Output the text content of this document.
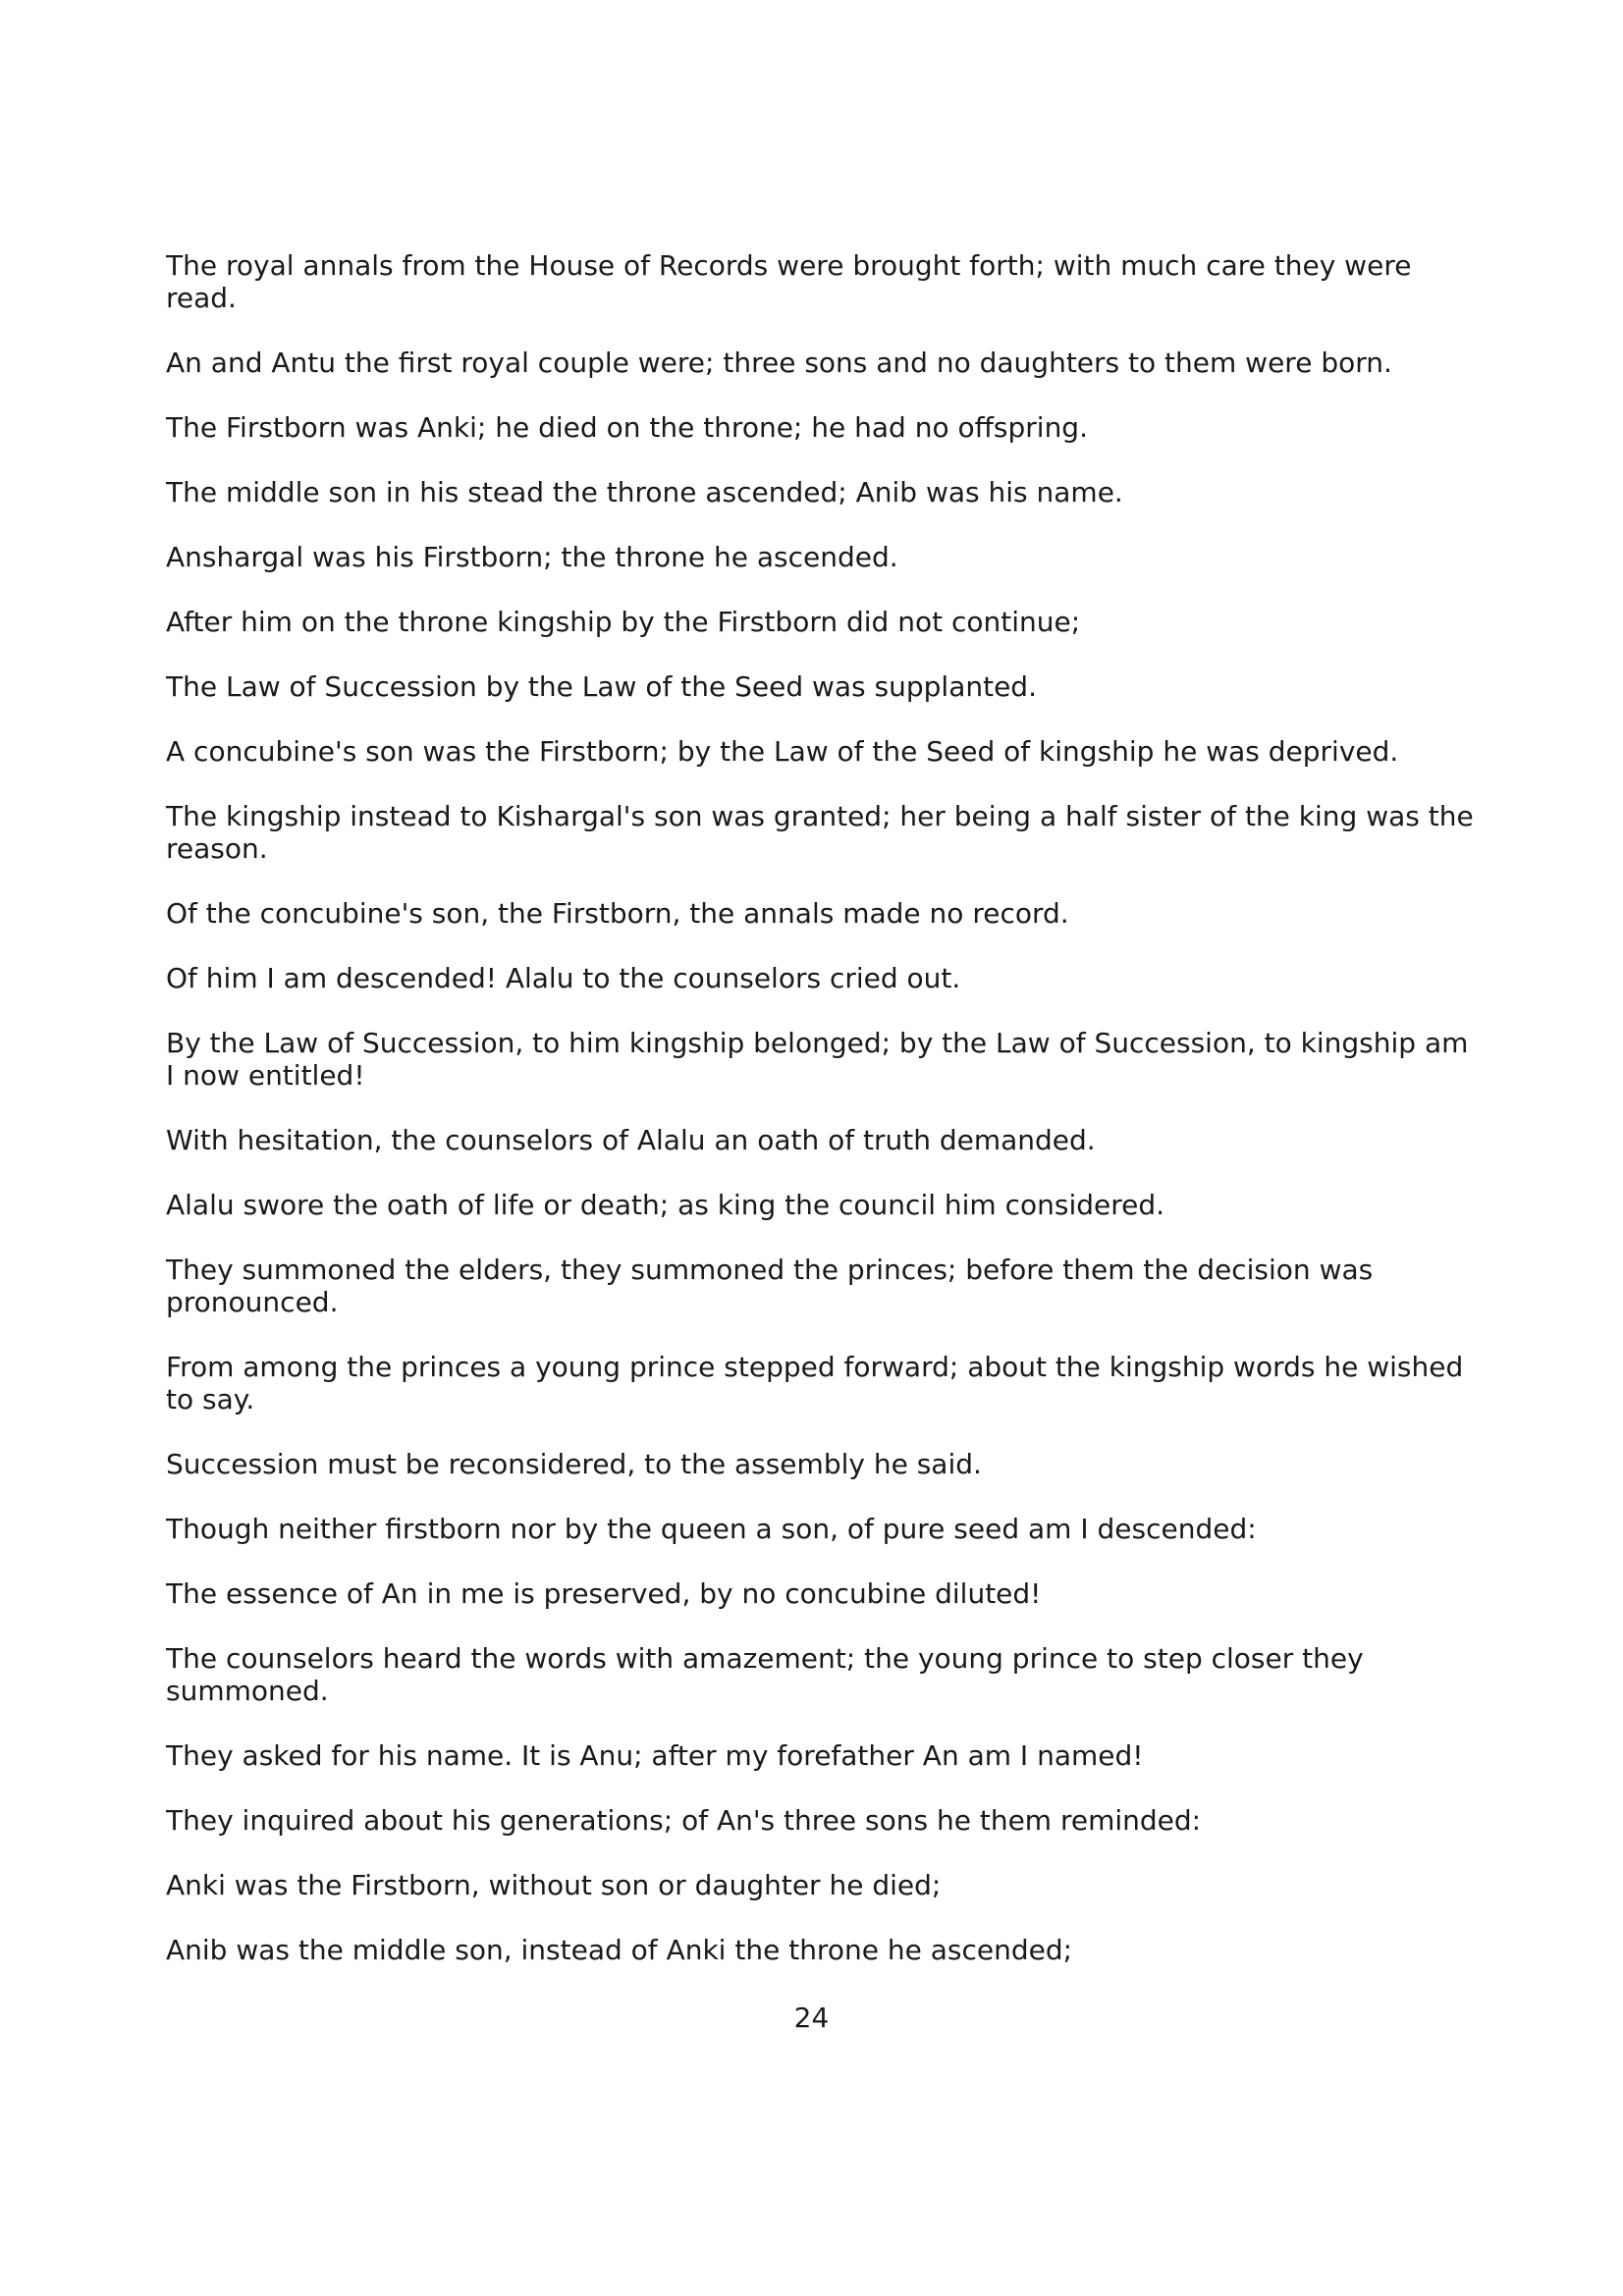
The royal annals from the House of Records were brought forth; with much care they were read.

An and Antu the first royal couple were; three sons and no daughters to them were born.

The Firstborn was Anki; he died on the throne; he had no offspring.

The middle son in his stead the throne ascended; Anib was his name.

Anshargal was his Firstborn; the throne he ascended.

After him on the throne kingship by the Firstborn did not continue;

The Law of Succession by the Law of the Seed was supplanted.

A concubine's son was the Firstborn; by the Law of the Seed of kingship he was deprived.

The kingship instead to Kishargal's son was granted; her being a half sister of the king was the reason.

Of the concubine's son, the Firstborn, the annals made no record.

Of him I am descended! Alalu to the counselors cried out.

By the Law of Succession, to him kingship belonged; by the Law of Succession, to kingship am I now entitled!

With hesitation, the counselors of Alalu an oath of truth demanded.

Alalu swore the oath of life or death; as king the council him considered.

They summoned the elders, they summoned the princes; before them the decision was pronounced.

From among the princes a young prince stepped forward; about the kingship words he wished to say.

Succession must be reconsidered, to the assembly he said.

Though neither firstborn nor by the queen a son, of pure seed am I descended:

The essence of An in me is preserved, by no concubine diluted!

The counselors heard the words with amazement; the young prince to step closer they summoned.

They asked for his name. It is Anu; after my forefather An am I named!

They inquired about his generations; of An's three sons he them reminded:

Anki was the Firstborn, without son or daughter he died;

Anib was the middle son, instead of Anki the throne he ascended;

24
